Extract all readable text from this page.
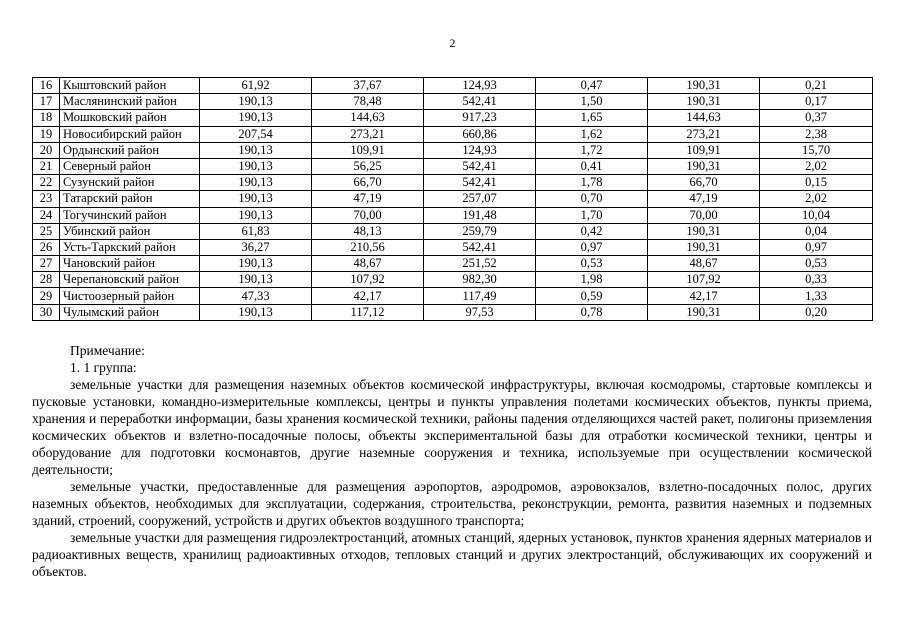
2
16	Кыштовский район	61,92	37,67	124,93	0,47	190,31	0,21
17	Маслянинский район	190,13	78,48	542,41	1,50	190,31	0,17
18	Мошковский район	190,13	144,63	917,23	1,65	144,63	0,37
19	Новосибирский район	207,54	273,21	660,86	1,62	273,21	2,38
20	Ордынский район	190,13	109,91	124,93	1,72	109,91	15,70
21	Северный район	190,13	56,25	542,41	0,41	190,31	2,02
22	Сузунский район	190,13	66,70	542,41	1,78	66,70	0,15
23	Татарский район	190,13	47,19	257,07	0,70	47,19	2,02
24	Тогучинский район	190,13	70,00	191,48	1,70	70,00	10,04
25	Убинский район	61,83	48,13	259,79	0,42	190,31	0,04
26	Усть-Таркский район	36,27	210,56	542,41	0,97	190,31	0,97
27	Чановский район	190,13	48,67	251,52	0,53	48,67	0,53
28	Черепановский район	190,13	107,92	982,30	1,98	107,92	0,33
29	Чистоозерный район	47,33	42,17	117,49	0,59	42,17	1,33
30	Чулымский район	190,13	117,12	97,53	0,78	190,31	0,20

Примечание:

1. 1 группа:

земельные участки для размещения наземных объектов космической инфраструктуры, включая космодромы, стартовые комплексы и пусковые установки, командно-измерительные комплексы, центры и пункты управления полетами космических объектов, пункты приема, хранения и переработки информации, базы хранения космической техники, районы падения отделяющихся частей ракет, полигоны приземления космических объектов и взлетно-посадочные полосы, объекты экспериментальной базы для отработки космической техники, центры и оборудование для подготовки космонавтов, другие наземные сооружения и техника, используемые при осуществлении космической деятельности;

земельные участки, предоставленные для размещения аэропортов, аэродромов, аэровокзалов, взлетно-посадочных полос, других наземных объектов, необходимых для эксплуатации, содержания, строительства, реконструкции, ремонта, развития наземных и подземных зданий, строений, сооружений, устройств и других объектов воздушного транспорта;

земельные участки для размещения гидроэлектростанций, атомных станций, ядерных установок, пунктов хранения ядерных материалов и радиоактивных веществ, хранилищ радиоактивных отходов, тепловых станций и других электростанций, обслуживающих их сооружений и объектов.
